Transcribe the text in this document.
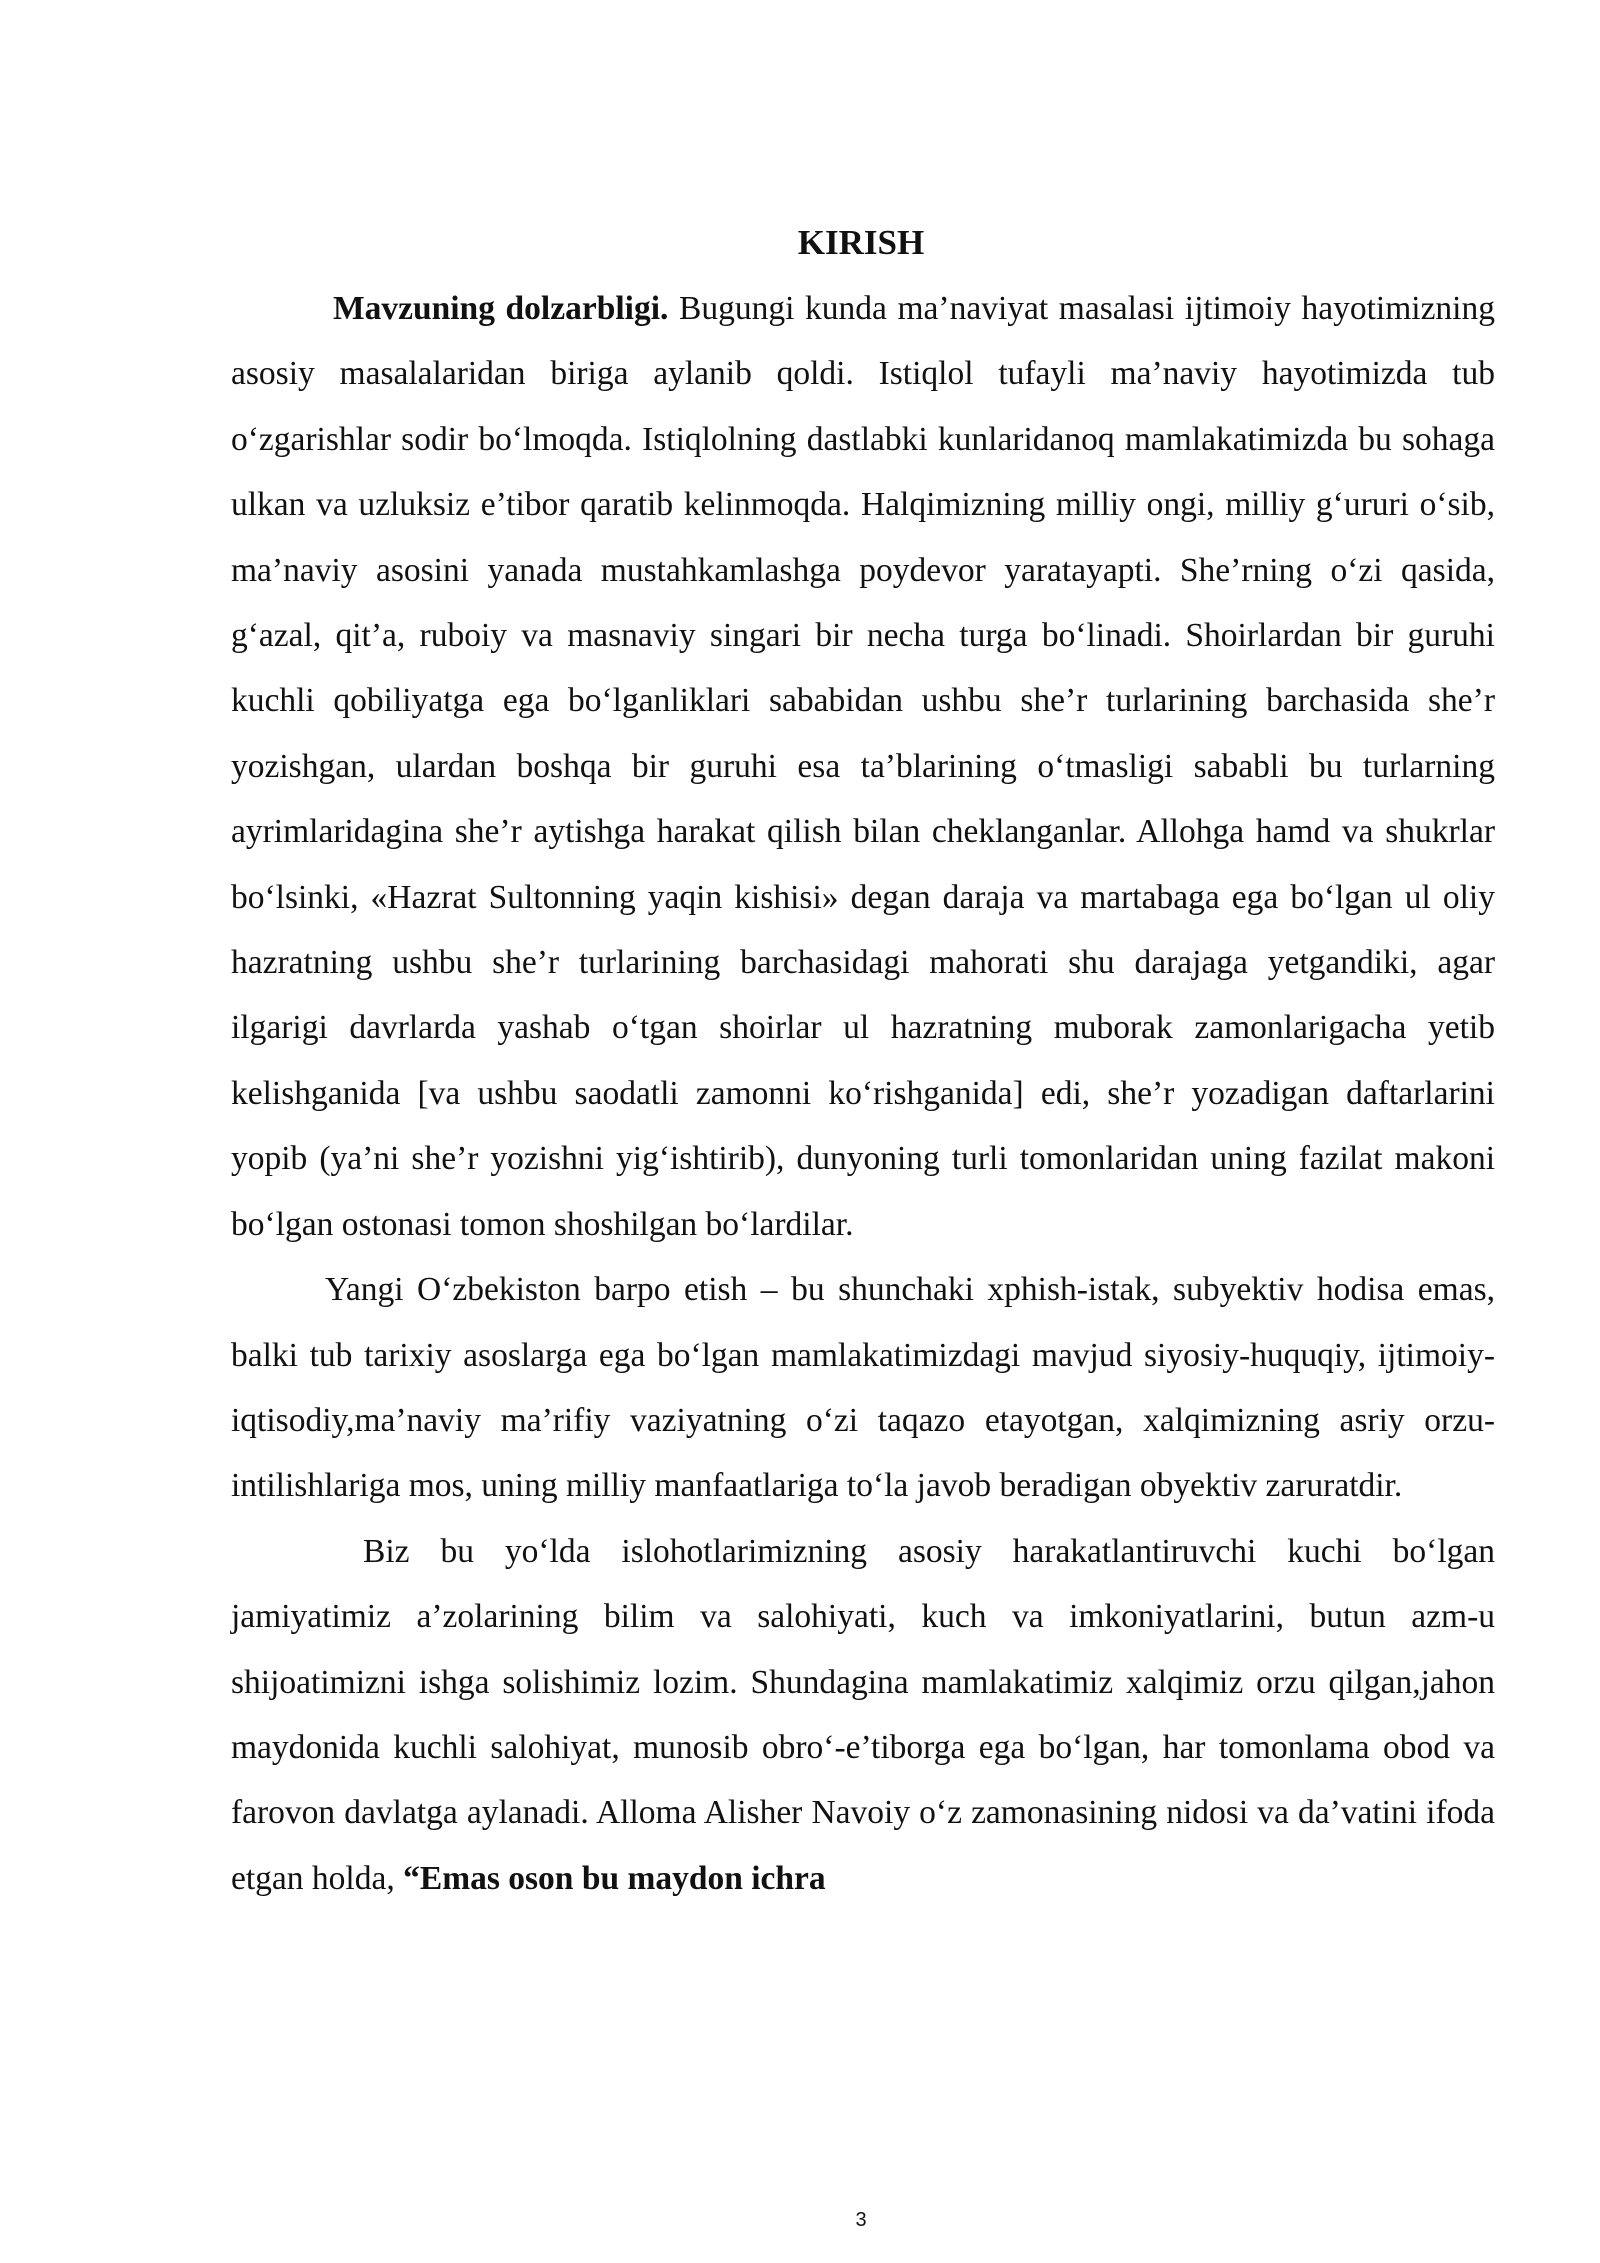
KIRISH

Mavzuning dolzarbligi. Bugungi kunda ma’naviyat masalasi ijtimoiy hayotimizning asosiy masalalaridan biriga aylanib qoldi. Istiqlol tufayli ma’naviy hayotimizda tub o‘zgarishlar sodir bo‘lmoqda. Istiqlolning dastlabki kunlaridanoq mamlakatimizda bu sohaga ulkan va uzluksiz e’tibor qaratib kelinmoqda. Halqimizning milliy ongi, milliy g‘ururi o‘sib, ma’naviy asosini yanada mustahkamlashga poydevor yaratayapti. She’rning o‘zi qasida, g‘azal, qit’a, ruboiy va masnaviy singari bir necha turga bo‘linadi. Shoirlardan bir guruhi kuchli qobiliyatga ega bo‘lganliklari sababidan ushbu she’r turlarining barchasida she’r yozishgan, ulardan boshqa bir guruhi esa ta’blarining o‘tmasligi sababli bu turlarning ayrimlaridagina she’r aytishga harakat qilish bilan cheklanganlar. Allohga hamd va shukrlar bo‘lsinki, «Hazrat Sultonning yaqin kishisi» degan daraja va martabaga ega bo‘lgan ul oliy hazratning ushbu she’r turlarining barchasidagi mahorati shu darajaga yetgandiki, agar ilgarigi davrlarda yashab o‘tgan shoirlar ul hazratning muborak zamonlarigacha yetib kelishganida [va ushbu saodatli zamonni ko‘rishganida] edi, she’r yozadigan daftarlarini yopib (ya’ni she’r yozishni yig‘ishtirib), dunyoning turli tomonlaridan uning fazilat makoni bo‘lgan ostonasi tomon shoshilgan bo‘lardilar.

Yangi O‘zbekiston barpo etish – bu shunchaki xphish-istak, subyektiv hodisa emas, balki tub tarixiy asoslarga ega bo‘lgan mamlakatimizdagi mavjud siyosiy-huquqiy, ijtimoiy-iqtisodiy,ma’naviy ma’rifiy vaziyatning o‘zi taqazo etayotgan, xalqimizning asriy orzu-intilishlariga mos, uning milliy manfaatlariga to‘la javob beradigan obyektiv zaruratdir.

Biz bu yo‘lda islohotlarimizning asosiy harakatlantiruvchi kuchi bo‘lgan jamiyatimiz a’zolarining bilim va salohiyati, kuch va imkoniyatlarini, butun azm-u shijoatimizni ishga solishimiz lozim. Shundagina mamlakatimiz xalqimiz orzu qilgan,jahon maydonida kuchli salohiyat, munosib obro‘-e’tiborga ega bo‘lgan, har tomonlama obod va farovon davlatga aylanadi. Alloma Alisher Navoiy o‘z zamonasining nidosi va da’vatini ifoda etgan holda, “Emas oson bu maydon ichra

3
